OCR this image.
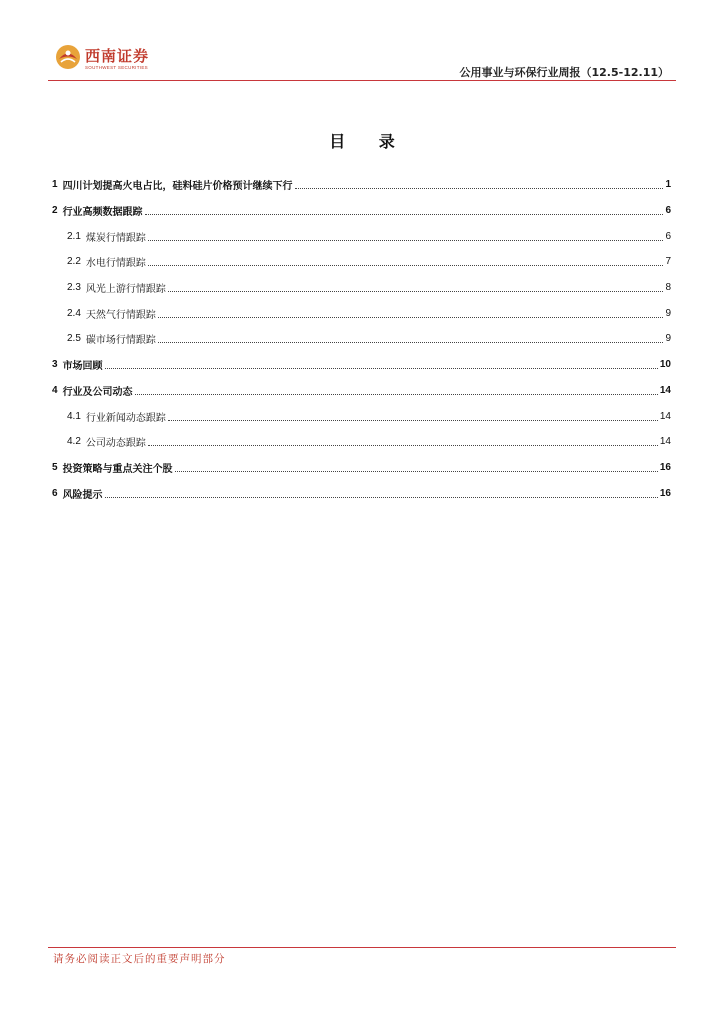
西南证券
SOUTHWEST SECURITIES	公用事业与环保行业周报（12.5-12.11）
目 录
1 四川计划提高火电占比，硅料硅片价格预计继续下行	1
2 行业高频数据跟踪	6
2.1 煤炭行情跟踪	6
2.2 水电行情跟踪	7
2.3 风光上游行情跟踪	8
2.4 天然气行情跟踪	9
2.5 碳市场行情跟踪	9
3 市场回顾	10
4 行业及公司动态	14
4.1 行业新闻动态跟踪	14
4.2 公司动态跟踪	14
5 投资策略与重点关注个股	16
6 风险提示	16
请务必阅读正文后的重要声明部分
